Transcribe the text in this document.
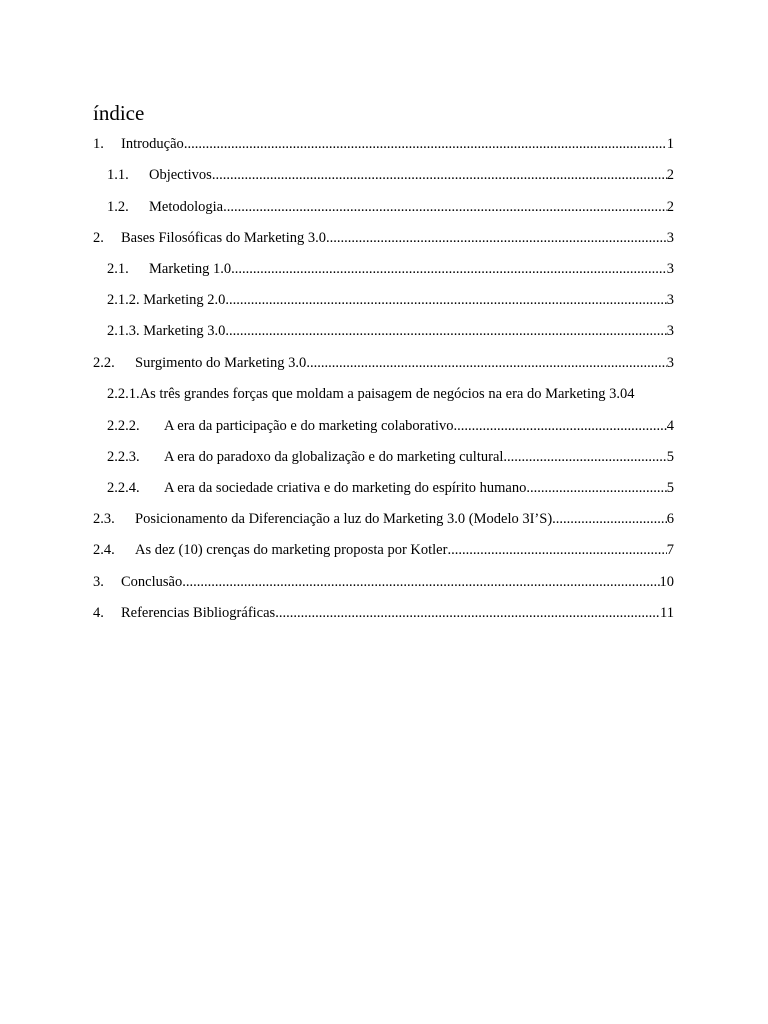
índice
1.	Introdução .....	1
1.1.	Objectivos .....	2
1.2.	Metodologia .....	2
2.	Bases Filosóficas do Marketing 3.0 .....	3
2.1.	Marketing 1.0 .....	3
2.1.2. Marketing 2.0 .....	3
2.1.3. Marketing 3.0 .....	3
2.2.	Surgimento do Marketing 3.0 .....	3
2.2.1.As três grandes forças que moldam a paisagem de negócios na era do Marketing 3.0 4
2.2.2.	A era da participação e do marketing colaborativo .....	4
2.2.3.	A era do paradoxo da globalização e do marketing cultural .....	5
2.2.4.	A era da sociedade criativa e do marketing do espírito humano .....	5
2.3.	Posicionamento da Diferenciação a luz do Marketing 3.0 (Modelo 3I’S) .....	6
2.4.	As dez (10) crenças do marketing proposta por Kotler .....	7
3.	Conclusão .....	10
4.	Referencias Bibliográficas .....	11
